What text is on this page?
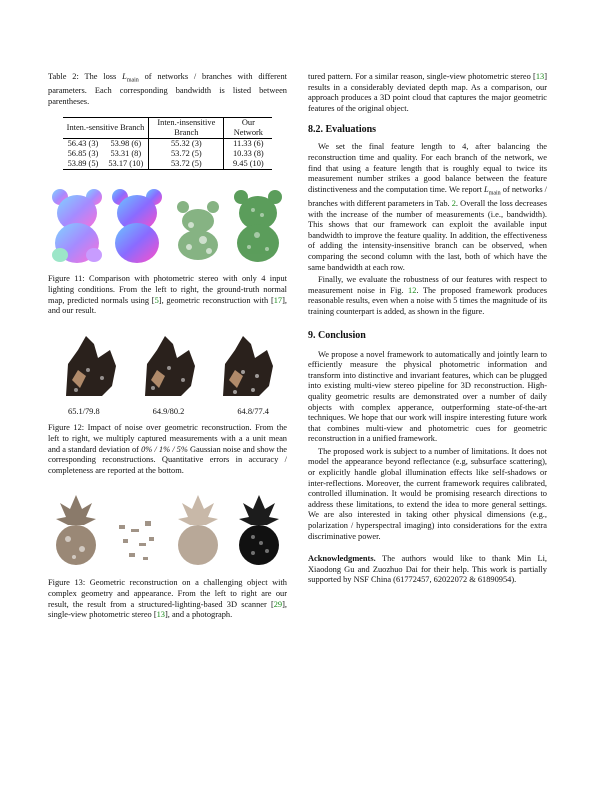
Table 2: The loss $L_{main}$ of networks / branches with different parameters. Each corresponding bandwidth is listed between parentheses.

Inten.-sensitive Branch		Inten.-insensitive Branch	Our Network
56.43 (3)	53.98 (6)	55.32 (3)	11.33 (6)
56.85 (3)	53.31 (8)	53.72 (5)	10.33 (8)
53.89 (5)	53.17 (10)	53.72 (5)	9.45 (10)

Figure 11: Comparison with photometric stereo with only 4 input lighting conditions. From the left to right, the ground-truth normal map, predicted normals using [5], geometric reconstruction with [17], and our result.

65.1/79.8	64.9/80.2	64.8/77.4

Figure 12: Impact of noise over geometric reconstruction. From the left to right, we multiply captured measurements with a a unit mean and a standard deviation of 0% / 1% / 5% Gaussian noise and show the corresponding reconstructions. Quantitative errors in accuracy / completeness are reported at the bottom.

Figure 13: Geometric reconstruction on a challenging object with complex geometry and appearance. From the left to right are our result, the result from a structured-lighting-based 3D scanner [29], single-view photometric stereo [13], and a photograph.

tured pattern. For a similar reason, single-view photometric stereo [13] results in a considerably deviated depth map. As a comparison, our approach produces a 3D point cloud that captures the major geometric features of the original object.

8.2. Evaluations

We set the final feature length to 4, after balancing the reconstruction time and quality. For each branch of the network, we find that using a feature length that is roughly equal to twice its measurement number strikes a good balance between the feature distinctiveness and the computation time. We report $L_{main}$ of networks / branches with different parameters in Tab. 2. Overall the loss decreases with the increase of the number of measurements (i.e., bandwidth). This shows that our framework can exploit the available input bandwidth to improve the feature quality. In addition, the effectiveness of adding the intensity-insensitive branch can be observed, when comparing the second column with the last, both of which have the same bandwidth at each row.

Finally, we evaluate the robustness of our features with respect to measurement noise in Fig. 12. The proposed framework produces reasonable results, even when a noise with 5 times the magnitude of its training counterpart is added, as shown in the figure.

9. Conclusion

We propose a novel framework to automatically and jointly learn to efficiently measure the physical photometric information and transform into distinctive and invariant features, which can be plugged into existing multi-view stereo pipeline for 3D reconstruction. High-quality geometric results are demonstrated over a number of daily objects with complex apperance, outperforming state-of-the-art techniques. We hope that our work will inspire interesting future work that combines multi-view and photometric cues for geometric reconstruction in a unified framework.

The proposed work is subject to a number of limitations. It does not model the appearance beyond reflectance (e.g, subsurface scattering), or explicitly handle global illumination effects like self-shadows or inter-reflections. Moreover, the current framework requires calibrated, controlled illumination. It would be promising research directions to address these limitations, to extend the idea to more general settings. We are also interested in taking other physical dimensions (e.g., polarization / hyperspectral imaging) into considerations for the extra discriminative power.

Acknowledgments. The authors would like to thank Min Li, Xiaodong Gu and Zuozhuo Dai for their help. This work is partially supported by NSF China (61772457, 62022072 & 61890954).
